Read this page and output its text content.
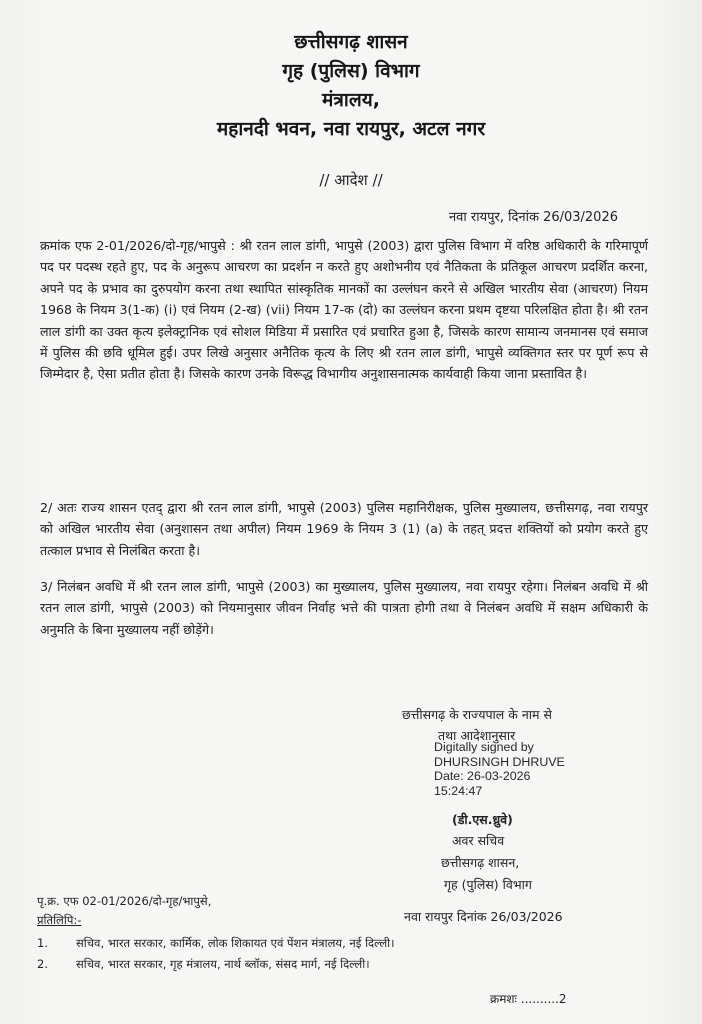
छत्तीसगढ़ शासन
गृह (पुलिस) विभाग
मंत्रालय,
महानदी भवन, नवा रायपुर, अटल नगर
// आदेश //
नवा रायपुर, दिनांक 26/03/2026
क्रमांक एफ 2-01/2026/दो-गृह/भापुसे : श्री रतन लाल डांगी, भापुसे (2003) द्वारा पुलिस विभाग में वरिष्ठ अधिकारी के गरिमापूर्ण पद पर पदस्थ रहते हुए, पद के अनुरूप आचरण का प्रदर्शन न करते हुए अशोभनीय एवं नैतिकता के प्रतिकूल आचरण प्रदर्शित करना, अपने पद के प्रभाव का दुरुपयोग करना तथा स्थापित सांस्कृतिक मानकों का उल्लंघन करने से अखिल भारतीय सेवा (आचरण) नियम 1968 के नियम 3(1-क) (i) एवं नियम (2-ख) (vii) नियम 17-क (दो) का उल्लंघन करना प्रथम दृष्टया परिलक्षित होता है। श्री रतन लाल डांगी का उक्त कृत्य इलेक्ट्रानिक एवं सोशल मिडिया में प्रसारित एवं प्रचारित हुआ है, जिसके कारण सामान्य जनमानस एवं समाज में पुलिस की छवि धूमिल हुई। उपर लिखे अनुसार अनैतिक कृत्य के लिए श्री रतन लाल डांगी, भापुसे व्यक्तिगत स्तर पर पूर्ण रूप से जिम्मेदार है, ऐसा प्रतीत होता है। जिसके कारण उनके विरूद्ध विभागीय अनुशासनात्मक कार्यवाही किया जाना प्रस्तावित है।
2/ अतः राज्य शासन एतद् द्वारा श्री रतन लाल डांगी, भापुसे (2003) पुलिस महानिरीक्षक, पुलिस मुख्यालय, छत्तीसगढ़, नवा रायपुर को अखिल भारतीय सेवा (अनुशासन तथा अपील) नियम 1969 के नियम 3 (1) (a) के तहत् प्रदत्त शक्तियों को प्रयोग करते हुए तत्काल प्रभाव से निलंबित करता है।
3/ निलंबन अवधि में श्री रतन लाल डांगी, भापुसे (2003) का मुख्यालय, पुलिस मुख्यालय, नवा रायपुर रहेगा। निलंबन अवधि में श्री रतन लाल डांगी, भापुसे (2003) को नियमानुसार जीवन निर्वाह भत्ते की पात्रता होगी तथा वे निलंबन अवधि में सक्षम अधिकारी के अनुमति के बिना मुख्यालय नहीं छोड़ेंगे।
छत्तीसगढ़ के राज्यपाल के नाम से
तथा आदेशानुसार
Digitally signed by
DHURSINGH DHRUVE
Date: 26-03-2026
15:24:47
(डी.एस.ध्रुवे)
अवर सचिव
छत्तीसगढ़ शासन,
गृह (पुलिस) विभाग
पृ.क्र. एफ 02-01/2026/दो-गृह/भापुसे,
नवा रायपुर दिनांक 26/03/2026
प्रतिलिपि:-
1. सचिव, भारत सरकार, कार्मिक, लोक शिकायत एवं पेंशन मंत्रालय, नई दिल्ली।
2. सचिव, भारत सरकार, गृह मंत्रालय, नार्थ ब्लॉक, संसद मार्ग, नई दिल्ली।
क्रमशः ..........2
